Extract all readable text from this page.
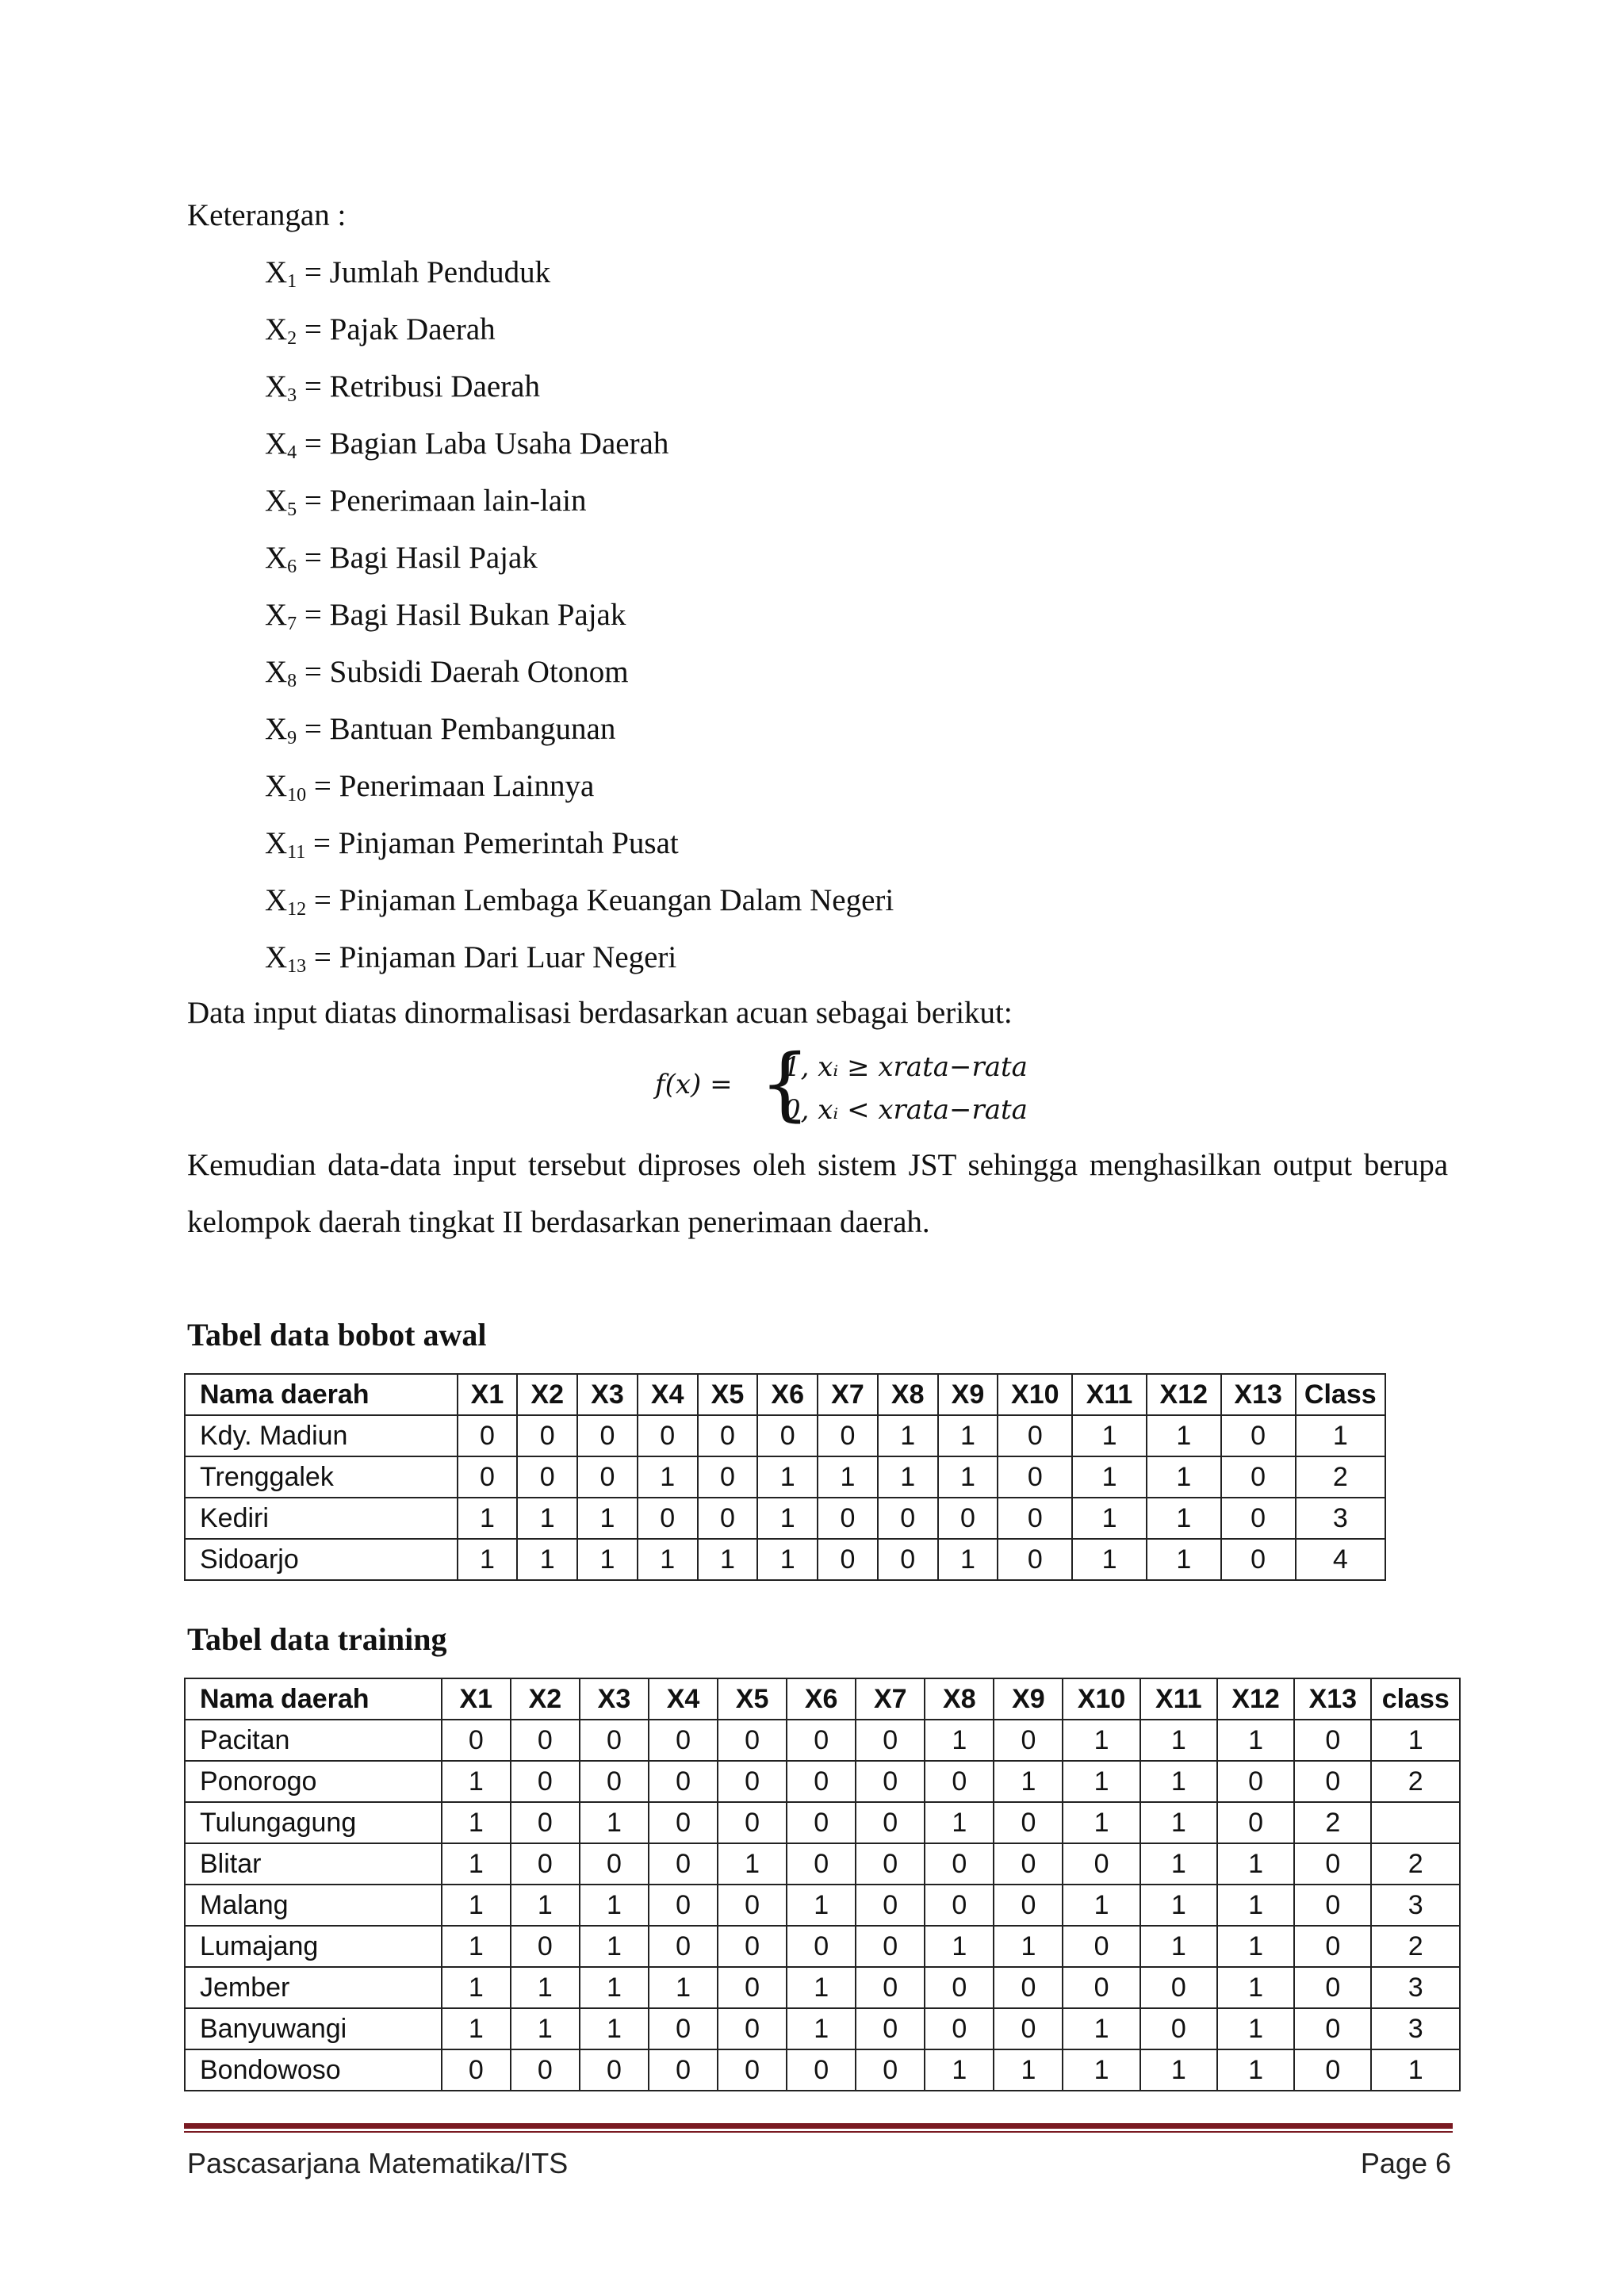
Keterangan :
$X_1$ = Jumlah Penduduk
$X_2$ = Pajak Daerah
$X_3$ = Retribusi Daerah
$X_4$ = Bagian Laba Usaha Daerah
$X_5$ = Penerimaan lain-lain
$X_6$ = Bagi Hasil Pajak
$X_7$ = Bagi Hasil Bukan Pajak
$X_8$ = Subsidi Daerah Otonom
$X_9$ = Bantuan Pembangunan
$X_{10}$ = Penerimaan Lainnya
$X_{11}$ = Pinjaman Pemerintah Pusat
$X_{12}$ = Pinjaman Lembaga Keuangan Dalam Negeri
$X_{13}$ = Pinjaman Dari Luar Negeri
Data input diatas dinormalisasi berdasarkan acuan sebagai berikut:
f(x) = {
1, xᵢ ≥ xrata−rata
0, xᵢ < xrata−rata
Kemudian data-data input tersebut diproses oleh sistem JST sehingga menghasilkan output berupa kelompok daerah tingkat II berdasarkan penerimaan daerah.
Tabel data bobot awal
Nama daerah	X1	X2	X3	X4	X5	X6	X7	X8	X9	X10	X11	X12	X13	Class
Kdy. Madiun	0	0	0	0	0	0	0	1	1	0	1	1	0	1
Trenggalek	0	0	0	1	0	1	1	1	1	0	1	1	0	2
Kediri	1	1	1	0	0	1	0	0	0	0	1	1	0	3
Sidoarjo	1	1	1	1	1	1	0	0	1	0	1	1	0	4
Tabel data training
Nama daerah	X1	X2	X3	X4	X5	X6	X7	X8	X9	X10	X11	X12	X13	class
Pacitan	0	0	0	0	0	0	0	1	0	1	1	1	0	1
Ponorogo	1	0	0	0	0	0	0	0	1	1	1	0	0	2
Tulungagung	1	0	1	0	0	0	0	1	0	1	1	0	2	
Blitar	1	0	0	0	1	0	0	0	0	0	1	1	0	2
Malang	1	1	1	0	0	1	0	0	0	1	1	1	0	3
Lumajang	1	0	1	0	0	0	0	1	1	0	1	1	0	2
Jember	1	1	1	1	0	1	0	0	0	0	0	1	0	3
Banyuwangi	1	1	1	0	0	1	0	0	0	1	0	1	0	3
Bondowoso	0	0	0	0	0	0	0	1	1	1	1	1	0	1
Pascasarjana Matematika/ITS	Page 6
